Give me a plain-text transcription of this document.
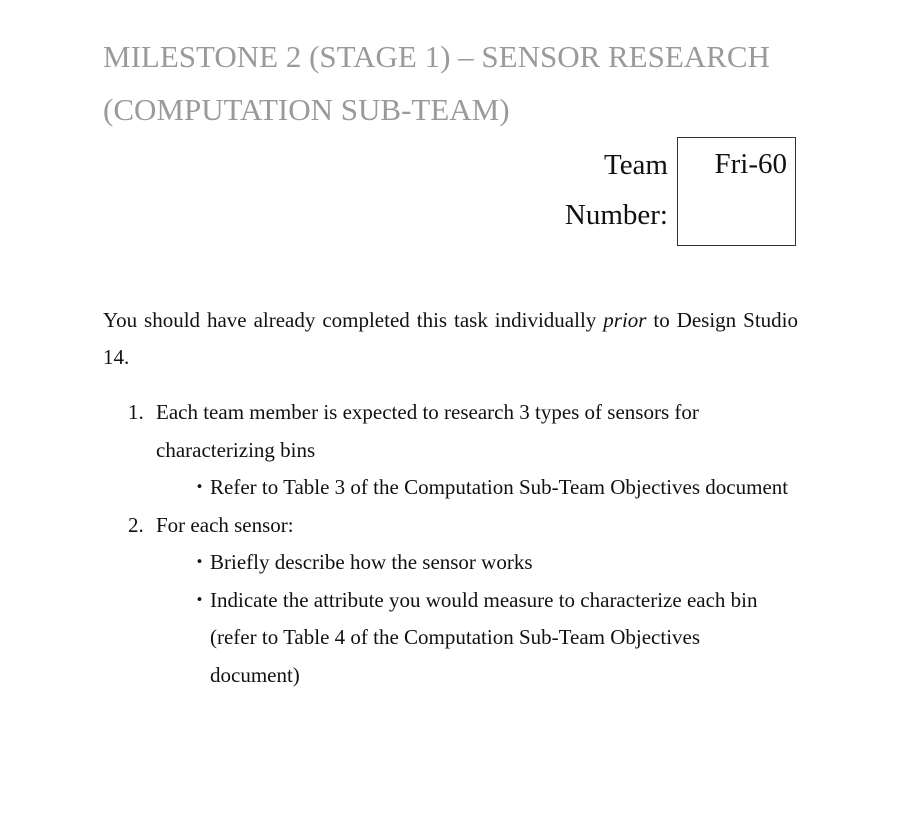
MILESTONE 2 (STAGE 1) – SENSOR RESEARCH
(COMPUTATION SUB-TEAM)
Team
Number:
Fri-60

You should have already completed this task individually prior to Design Studio 14.

1. Each team member is expected to research 3 types of sensors for characterizing bins
・ Refer to Table 3 of the Computation Sub-Team Objectives document
2. For each sensor:
・ Briefly describe how the sensor works
・ Indicate the attribute you would measure to characterize each bin (refer to Table 4 of the Computation Sub-Team Objectives document)
